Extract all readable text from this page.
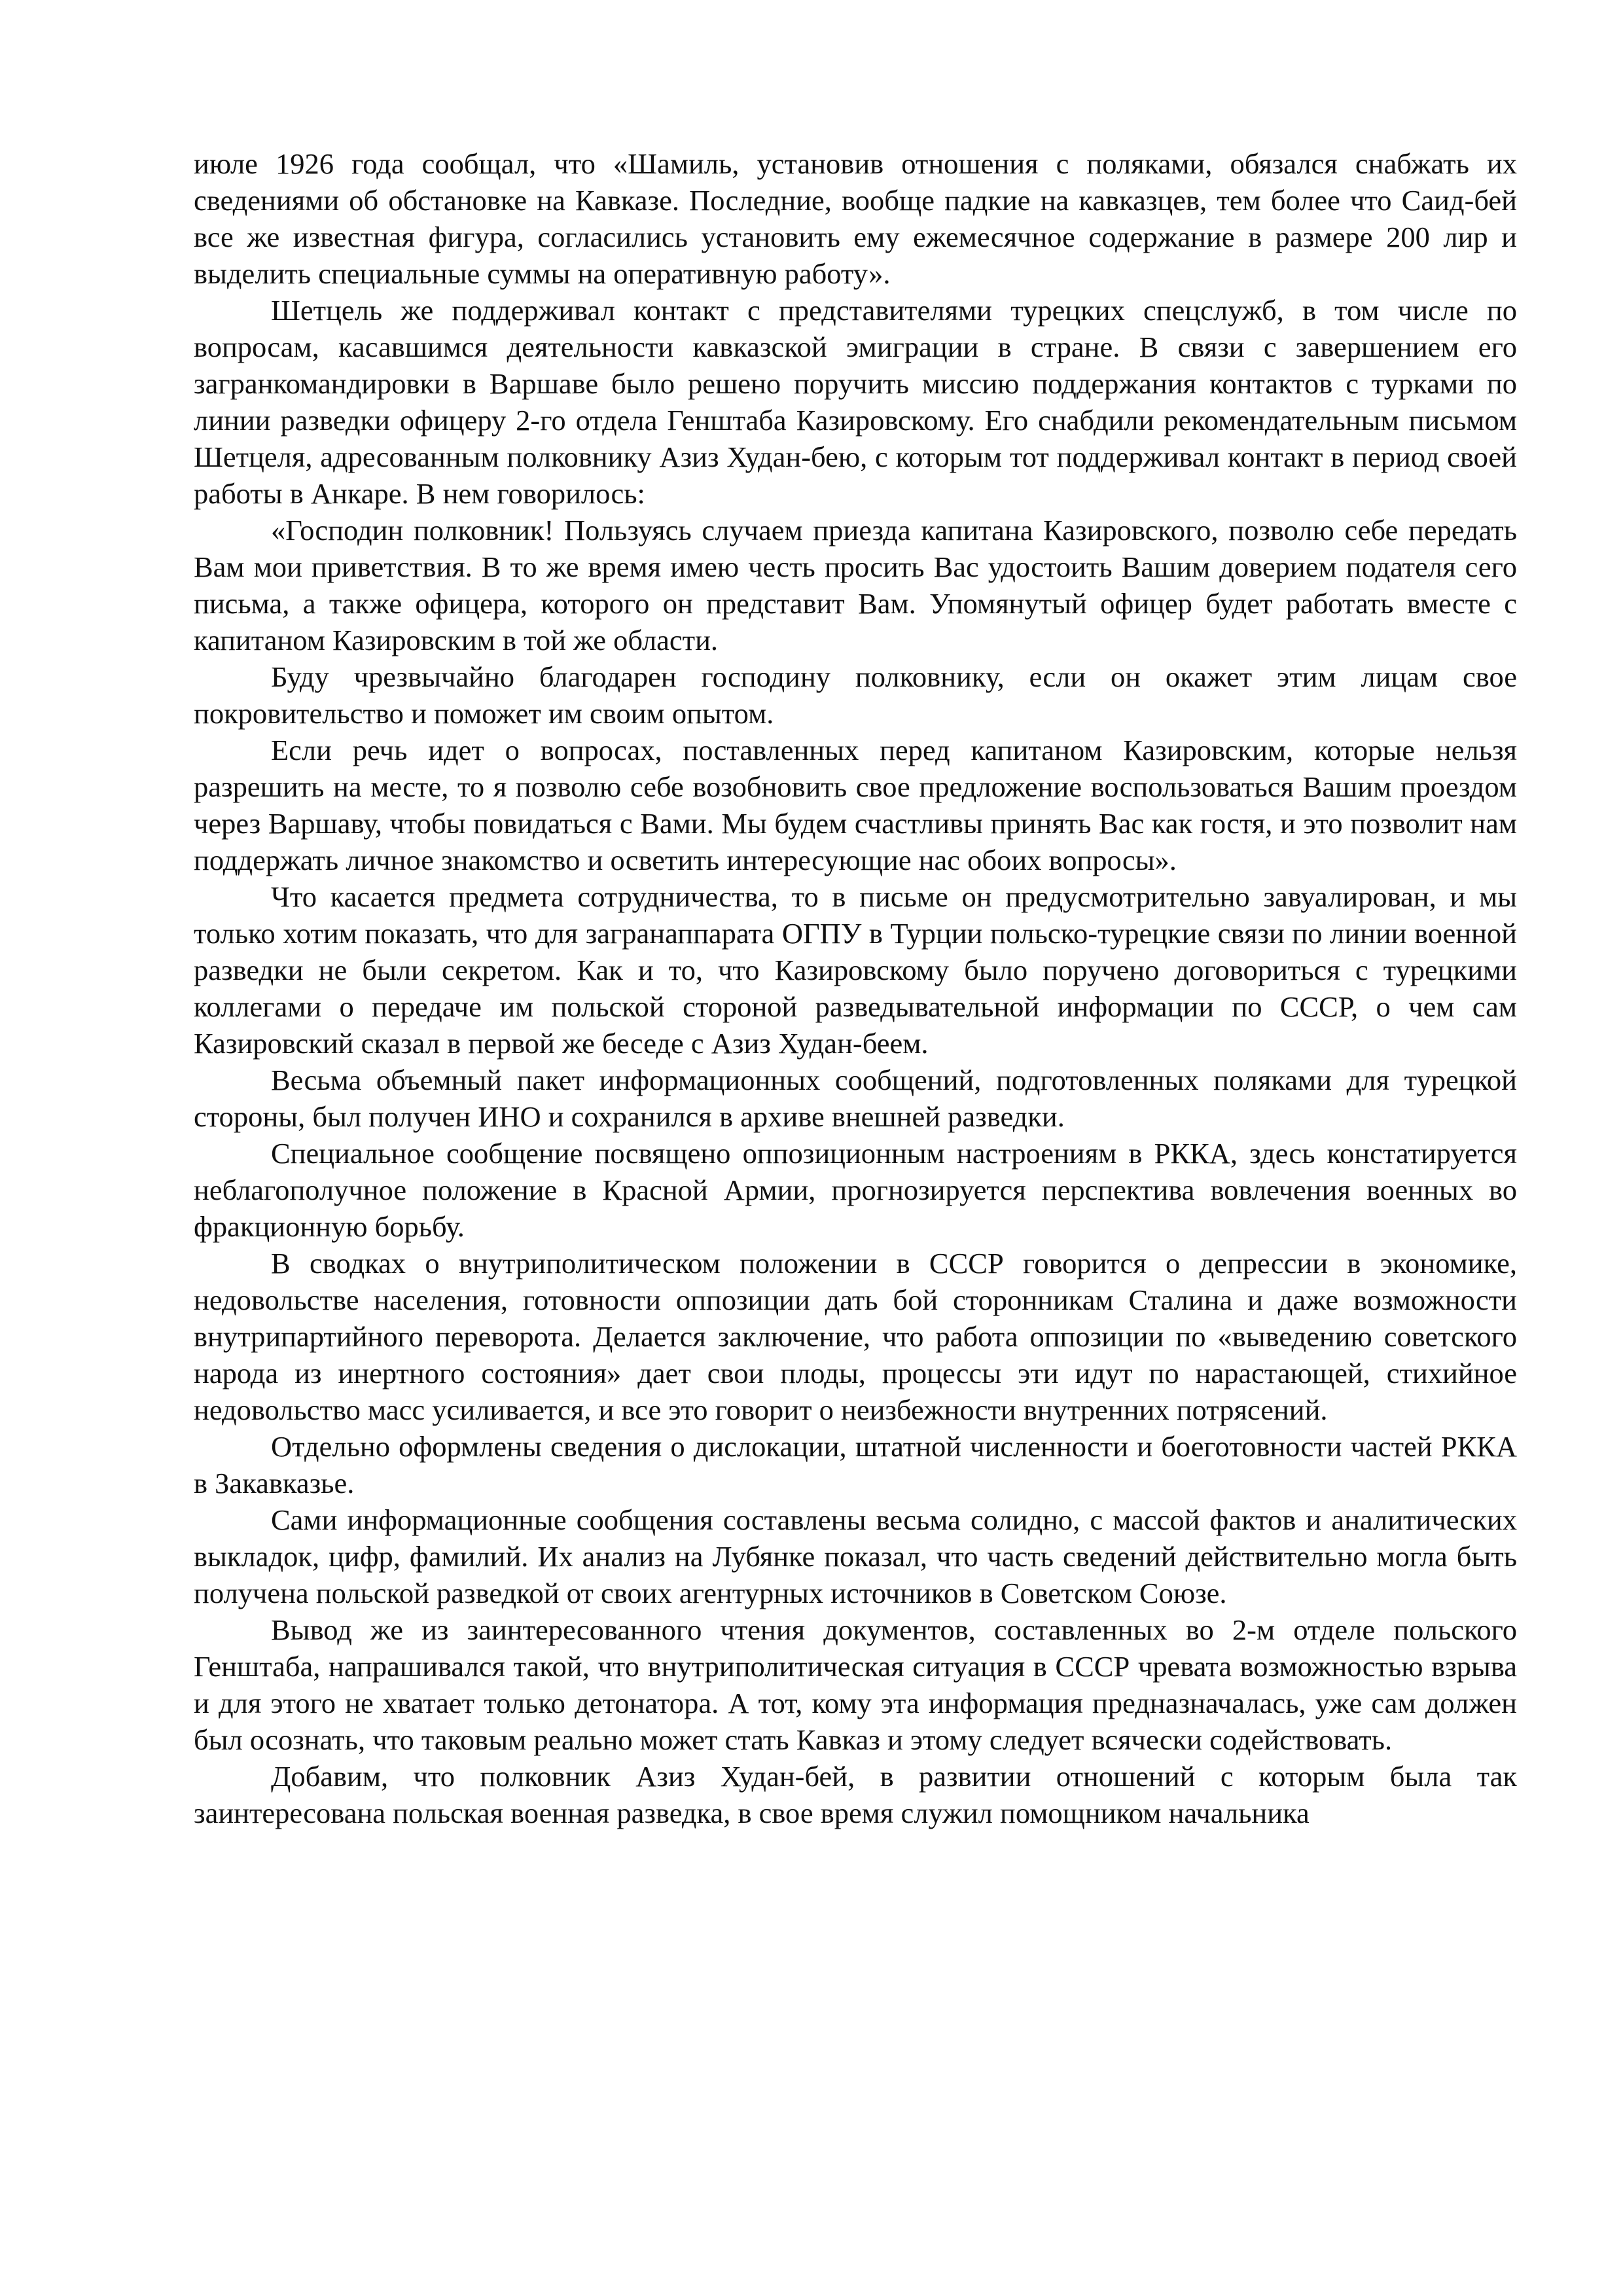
июле 1926 года сообщал, что «Шамиль, установив отношения с поляками, обязался снабжать их сведениями об обстановке на Кавказе. Последние, вообще падкие на кавказцев, тем более что Саид-бей все же известная фигура, согласились установить ему ежемесячное содержание в размере 200 лир и выделить специальные суммы на оперативную работу».

Шетцель же поддерживал контакт с представителями турецких спецслужб, в том числе по вопросам, касавшимся деятельности кавказской эмиграции в стране. В связи с завершением его загранкомандировки в Варшаве было решено поручить миссию поддержания контактов с турками по линии разведки офицеру 2-го отдела Генштаба Казировскому. Его снабдили рекомендательным письмом Шетцеля, адресованным полковнику Азиз Худан-бею, с которым тот поддерживал контакт в период своей работы в Анкаре. В нем говорилось:

«Господин полковник! Пользуясь случаем приезда капитана Казировского, позволю себе передать Вам мои приветствия. В то же время имею честь просить Вас удостоить Вашим доверием подателя сего письма, а также офицера, которого он представит Вам. Упомянутый офицер будет работать вместе с капитаном Казировским в той же области.

Буду чрезвычайно благодарен господину полковнику, если он окажет этим лицам свое покровительство и поможет им своим опытом.

Если речь идет о вопросах, поставленных перед капитаном Казировским, которые нельзя разрешить на месте, то я позволю себе возобновить свое предложение воспользоваться Вашим проездом через Варшаву, чтобы повидаться с Вами. Мы будем счастливы принять Вас как гостя, и это позволит нам поддержать личное знакомство и осветить интересующие нас обоих вопросы».

Что касается предмета сотрудничества, то в письме он предусмотрительно завуалирован, и мы только хотим показать, что для загранаппарата ОГПУ в Турции польско-турецкие связи по линии военной разведки не были секретом. Как и то, что Казировскому было поручено договориться с турецкими коллегами о передаче им польской стороной разведывательной информации по СССР, о чем сам Казировский сказал в первой же беседе с Азиз Худан-беем.

Весьма объемный пакет информационных сообщений, подготовленных поляками для турецкой стороны, был получен ИНО и сохранился в архиве внешней разведки.

Специальное сообщение посвящено оппозиционным настроениям в РККА, здесь констатируется неблагополучное положение в Красной Армии, прогнозируется перспектива вовлечения военных во фракционную борьбу.

В сводках о внутриполитическом положении в СССР говорится о депрессии в экономике, недовольстве населения, готовности оппозиции дать бой сторонникам Сталина и даже возможности внутрипартийного переворота. Делается заключение, что работа оппозиции по «выведению советского народа из инертного состояния» дает свои плоды, процессы эти идут по нарастающей, стихийное недовольство масс усиливается, и все это говорит о неизбежности внутренних потрясений.

Отдельно оформлены сведения о дислокации, штатной численности и боеготовности частей РККА в Закавказье.

Сами информационные сообщения составлены весьма солидно, с массой фактов и аналитических выкладок, цифр, фамилий. Их анализ на Лубянке показал, что часть сведений действительно могла быть получена польской разведкой от своих агентурных источников в Советском Союзе.

Вывод же из заинтересованного чтения документов, составленных во 2-м отделе польского Генштаба, напрашивался такой, что внутриполитическая ситуация в СССР чревата возможностью взрыва и для этого не хватает только детонатора. А тот, кому эта информация предназначалась, уже сам должен был осознать, что таковым реально может стать Кавказ и этому следует всячески содействовать.

Добавим, что полковник Азиз Худан-бей, в развитии отношений с которым была так заинтересована польская военная разведка, в свое время служил помощником начальника
